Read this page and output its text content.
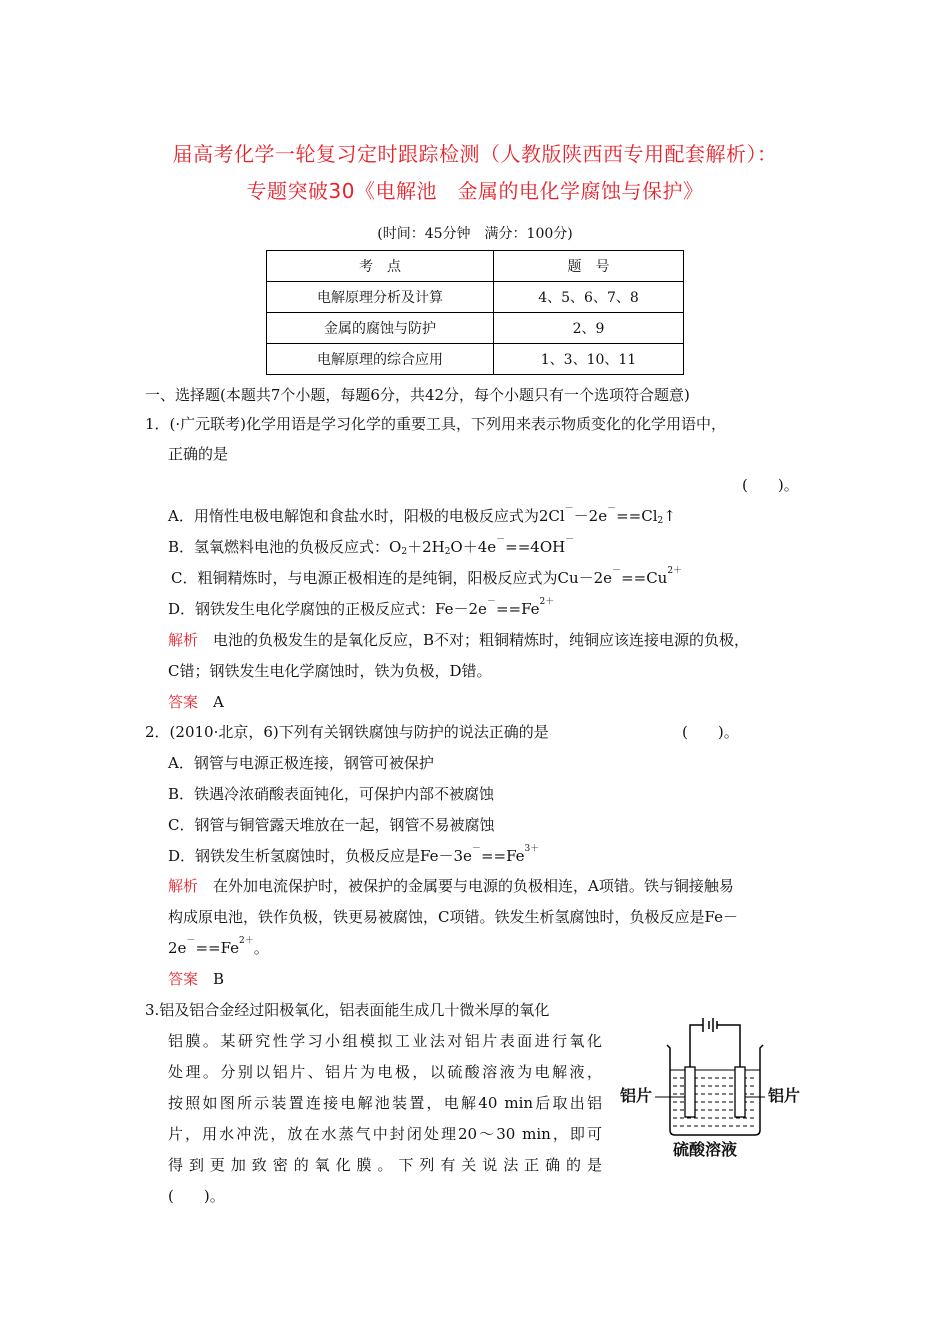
届高考化学一轮复习定时跟踪检测（人教版陕西西专用配套解析）：
专题突破30《电解池　金属的电化学腐蚀与保护》
(时间：45分钟　满分：100分)
考　点	题　号
电解原理分析及计算	4、5、6、7、8
金属的腐蚀与防护	2、9
电解原理的综合应用	1、3、10、11
一、选择题(本题共7个小题，每题6分，共42分，每个小题只有一个选项符合题意)
1．(·广元联考)化学用语是学习化学的重要工具，下列用来表示物质变化的化学用语中，
正确的是
(　　)。
A．用惰性电极电解饱和食盐水时，阳极的电极反应式为2Cl－－2e－==Cl2↑
B．氢氧燃料电池的负极反应式：O2＋2H2O＋4e－==4OH－
C．粗铜精炼时，与电源正极相连的是纯铜，阳极反应式为$Cu-2e^-==Cu^{2+}$
D．钢铁发生电化学腐蚀的正极反应式：$Fe-2e^-==Fe^{2+}$
解析　 电池的负极发生的是氧化反应，B不对；粗铜精炼时，纯铜应该连接电源的负极，
C错；钢铁发生电化学腐蚀时，铁为负极，D错。
答案　 A
2．(2010·北京，6)下列有关钢铁腐蚀与防护的说法正确的是	(　　)。
A．钢管与电源正极连接，钢管可被保护
B．铁遇冷浓硝酸表面钝化，可保护内部不被腐蚀
C．钢管与铜管露天堆放在一起，钢管不易被腐蚀
D．钢铁发生析氢腐蚀时，负极反应是$Fe-3e^-==Fe^{3+}$
解析　 在外加电流保护时，被保护的金属要与电源的负极相连，A项错。铁与铜接触易
构成原电池，铁作负极，铁更易被腐蚀，C项错。铁发生析氢腐蚀时，负极反应是Fe－
$2e^-==Fe^{2+}$。
答案　 B
3.铝及铝合金经过阳极氧化，铝表面能生成几十微米厚的氧化
铝膜。某研究性学习小组模拟工业法对铝片表面进行氧化
处理。分别以铝片、铝片为电极，以硫酸溶液为电解液，
按照如图所示装置连接电解池装置，电解40 min后取出铝
片，用水冲洗，放在水蒸气中封闭处理20～30 min，即可
得到更加致密的氧化膜。下列有关说法正确的是
(　　)。
铝片	铝片
硫酸溶液
